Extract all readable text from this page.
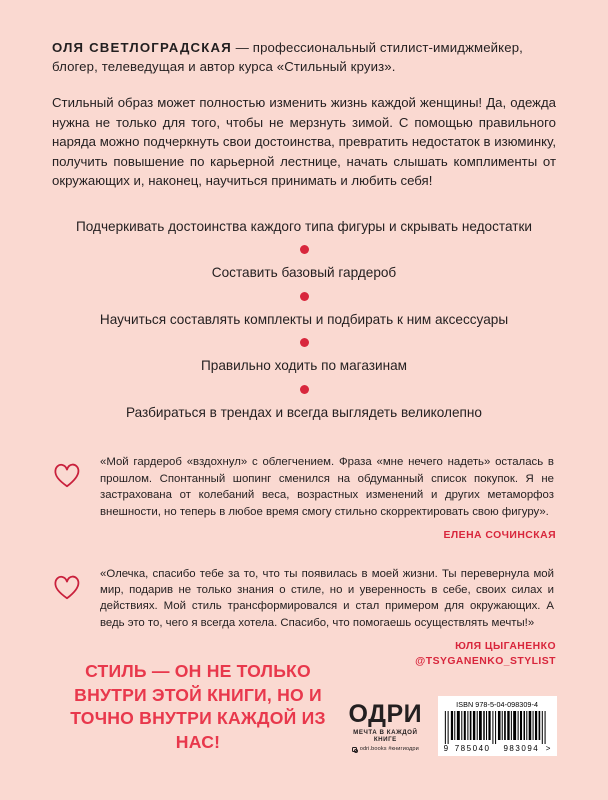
ОЛЯ СВЕТЛОГРАДСКАЯ — профессиональный стилист-имиджмейкер, блогер, телеведущая и автор курса «Стильный круиз».
Стильный образ может полностью изменить жизнь каждой женщины! Да, одежда нужна не только для того, чтобы не мерзнуть зимой. С помощью правильного наряда можно подчеркнуть свои достоинства, превратить недостаток в изюминку, получить повышение по карьерной лестнице, начать слышать комплименты от окружающих и, наконец, научиться принимать и любить себя!
Подчеркивать достоинства каждого типа фигуры и скрывать недостатки
Составить базовый гардероб
Научиться составлять комплекты и подбирать к ним аксессуары
Правильно ходить по магазинам
Разбираться в трендах и всегда выглядеть великолепно
«Мой гардероб «вздохнул» с облегчением. Фраза «мне нечего надеть» осталась в прошлом. Спонтанный шопинг сменился на обдуманный список покупок. Я не застрахована от колебаний веса, возрастных изменений и других метаморфоз внешности, но теперь в любое время смогу стильно скорректировать свою фигуру».
ЕЛЕНА СОЧИНСКАЯ
«Олечка, спасибо тебе за то, что ты появилась в моей жизни. Ты перевернула мой мир, подарив не только знания о стиле, но и уверенность в себе, своих силах и действиях. Мой стиль трансформировался и стал примером для окружающих. А ведь это то, чего я всегда хотела. Спасибо, что помогаешь осуществлять мечты!»
ЮЛЯ ЦЫГАНЕНКО
@TSYGANENKO_STYLIST
СТИЛЬ — ОН НЕ ТОЛЬКО ВНУТРИ ЭТОЙ КНИГИ, НО И ТОЧНО ВНУТРИ КАЖДОЙ ИЗ НАС!
ОДРИ
МЕЧТА В КАЖДОЙ КНИГЕ
odri.books #книгиодри
ISBN 978-5-04-098309-4
9 785040	983094 >
